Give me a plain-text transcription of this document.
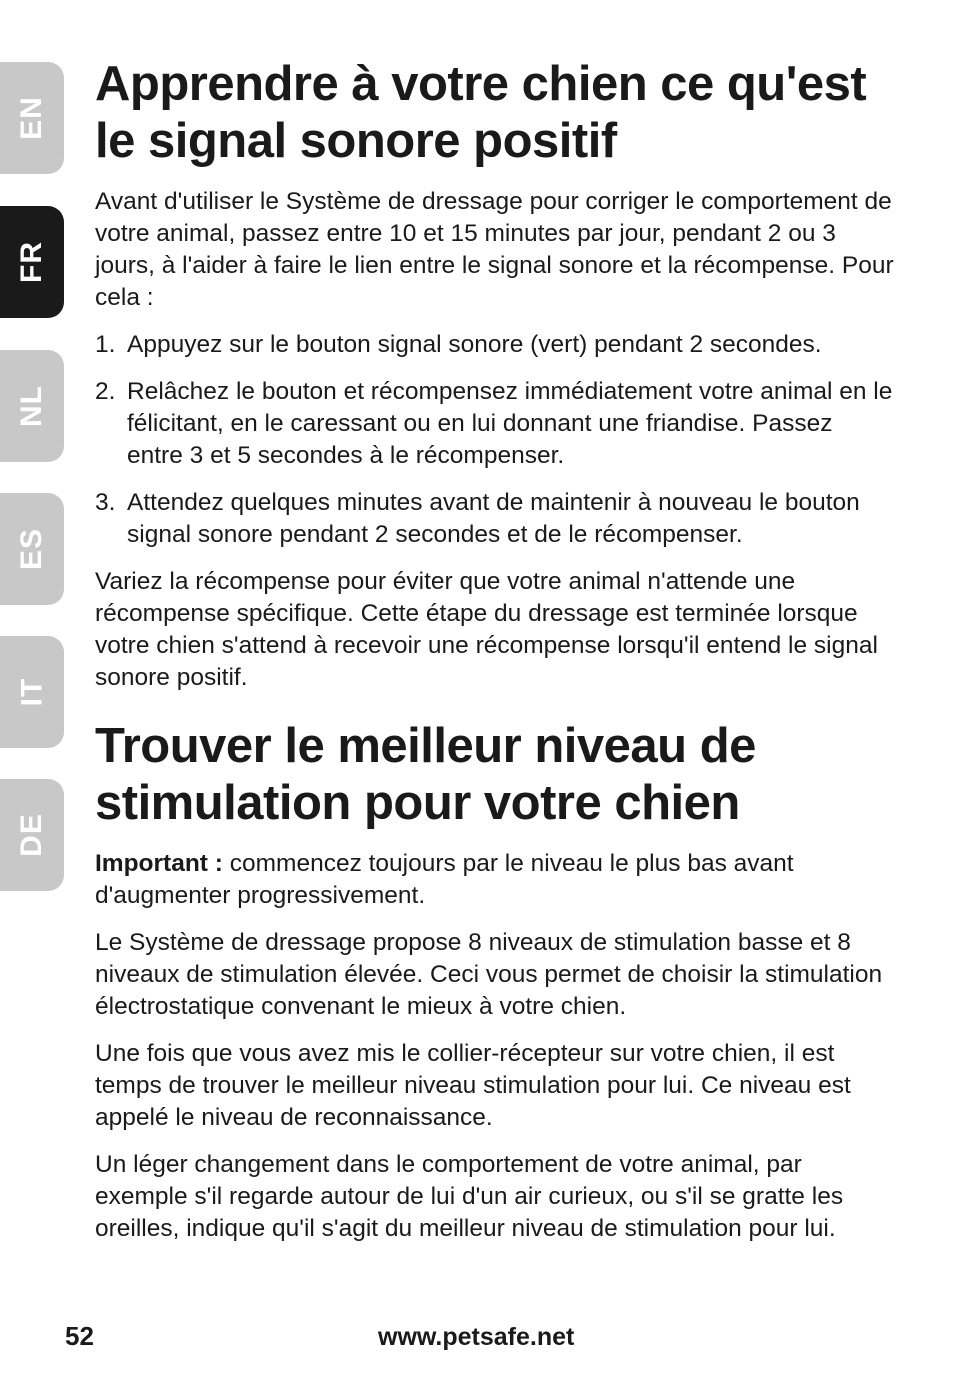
EN
FR
NL
ES
IT
DE
Apprendre à votre chien ce qu'est le signal sonore positif

Avant d'utiliser le Système de dressage pour corriger le comportement de votre animal, passez entre 10 et 15 minutes par jour, pendant 2 ou 3 jours, à l'aider à faire le lien entre le signal sonore et la récompense. Pour cela :

1. Appuyez sur le bouton signal sonore (vert) pendant 2 secondes.
2. Relâchez le bouton et récompensez immédiatement votre animal en le félicitant, en le caressant ou en lui donnant une friandise. Passez entre 3 et 5 secondes à le récompenser.
3. Attendez quelques minutes avant de maintenir à nouveau le bouton signal sonore pendant 2 secondes et de le récompenser.

Variez la récompense pour éviter que votre animal n'attende une récompense spécifique. Cette étape du dressage est terminée lorsque votre chien s'attend à recevoir une récompense lorsqu'il entend le signal sonore positif.

Trouver le meilleur niveau de stimulation pour votre chien

Important : commencez toujours par le niveau le plus bas avant d'augmenter progressivement.

Le Système de dressage propose 8 niveaux de stimulation basse et 8 niveaux de stimulation élevée. Ceci vous permet de choisir la stimulation électrostatique convenant le mieux à votre chien.

Une fois que vous avez mis le collier-récepteur sur votre chien, il est temps de trouver le meilleur niveau stimulation pour lui. Ce niveau est appelé le niveau de reconnaissance.

Un léger changement dans le comportement de votre animal, par exemple s'il regarde autour de lui d'un air curieux, ou s'il se gratte les oreilles, indique qu'il s'agit du meilleur niveau de stimulation pour lui.

52	www.petsafe.net
